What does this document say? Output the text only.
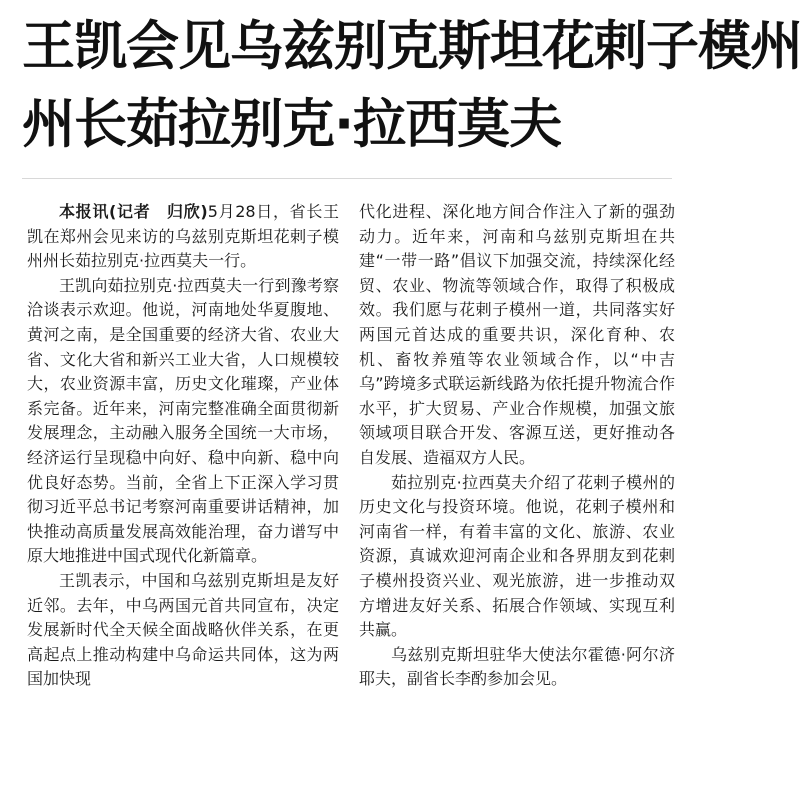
王凯会见乌兹别克斯坦花剌子模州
州长茹拉别克·拉西莫夫

本报讯(记者　归欣)5月28日，省长王凯在郑州会见来访的乌兹别克斯坦花剌子模州州长茹拉别克·拉西莫夫一行。

王凯向茹拉别克·拉西莫夫一行到豫考察洽谈表示欢迎。他说，河南地处华夏腹地、黄河之南，是全国重要的经济大省、农业大省、文化大省和新兴工业大省，人口规模较大，农业资源丰富，历史文化璀璨，产业体系完备。近年来，河南完整准确全面贯彻新发展理念，主动融入服务全国统一大市场，经济运行呈现稳中向好、稳中向新、稳中向优良好态势。当前，全省上下正深入学习贯彻习近平总书记考察河南重要讲话精神，加快推动高质量发展高效能治理，奋力谱写中原大地推进中国式现代化新篇章。

王凯表示，中国和乌兹别克斯坦是友好近邻。去年，中乌两国元首共同宣布，决定发展新时代全天候全面战略伙伴关系，在更高起点上推动构建中乌命运共同体，这为两国加快现

代化进程、深化地方间合作注入了新的强劲动力。近年来，河南和乌兹别克斯坦在共建“一带一路”倡议下加强交流，持续深化经贸、农业、物流等领域合作，取得了积极成效。我们愿与花剌子模州一道，共同落实好两国元首达成的重要共识，深化育种、农机、畜牧养殖等农业领域合作，以“中吉乌”跨境多式联运新线路为依托提升物流合作水平，扩大贸易、产业合作规模，加强文旅领域项目联合开发、客源互送，更好推动各自发展、造福双方人民。

茹拉别克·拉西莫夫介绍了花剌子模州的历史文化与投资环境。他说，花剌子模州和河南省一样，有着丰富的文化、旅游、农业资源，真诚欢迎河南企业和各界朋友到花剌子模州投资兴业、观光旅游，进一步推动双方增进友好关系、拓展合作领域、实现互利共赢。

乌兹别克斯坦驻华大使法尔霍德·阿尔济耶夫，副省长李酌参加会见。
